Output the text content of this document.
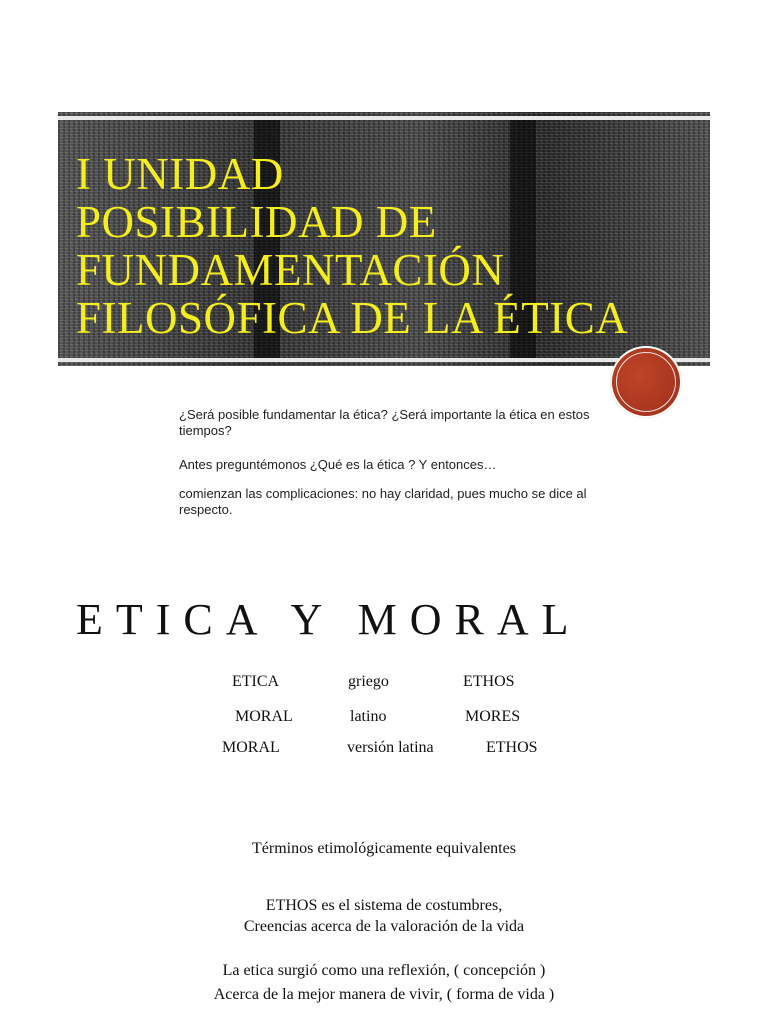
I UNIDAD
POSIBILIDAD DE
FUNDAMENTACIÓN
FILOSÓFICA DE LA ÉTICA

¿Será posible fundamentar la ética? ¿Será importante la ética en estos tiempos?

Antes preguntémonos ¿Qué es la ética ? Y entonces…

comienzan las complicaciones: no hay claridad, pues mucho se dice al respecto.

ETICA Y MORAL
ETICA	griego	ETHOS
MORAL	latino	MORES
MORAL	versión latina	ETHOS

Términos etimológicamente equivalentes

ETHOS es el sistema de costumbres,

Creencias acerca de la valoración de la vida

La etica surgió como una reflexión, ( concepción )

Acerca de la mejor manera de vivir, ( forma de vida )
